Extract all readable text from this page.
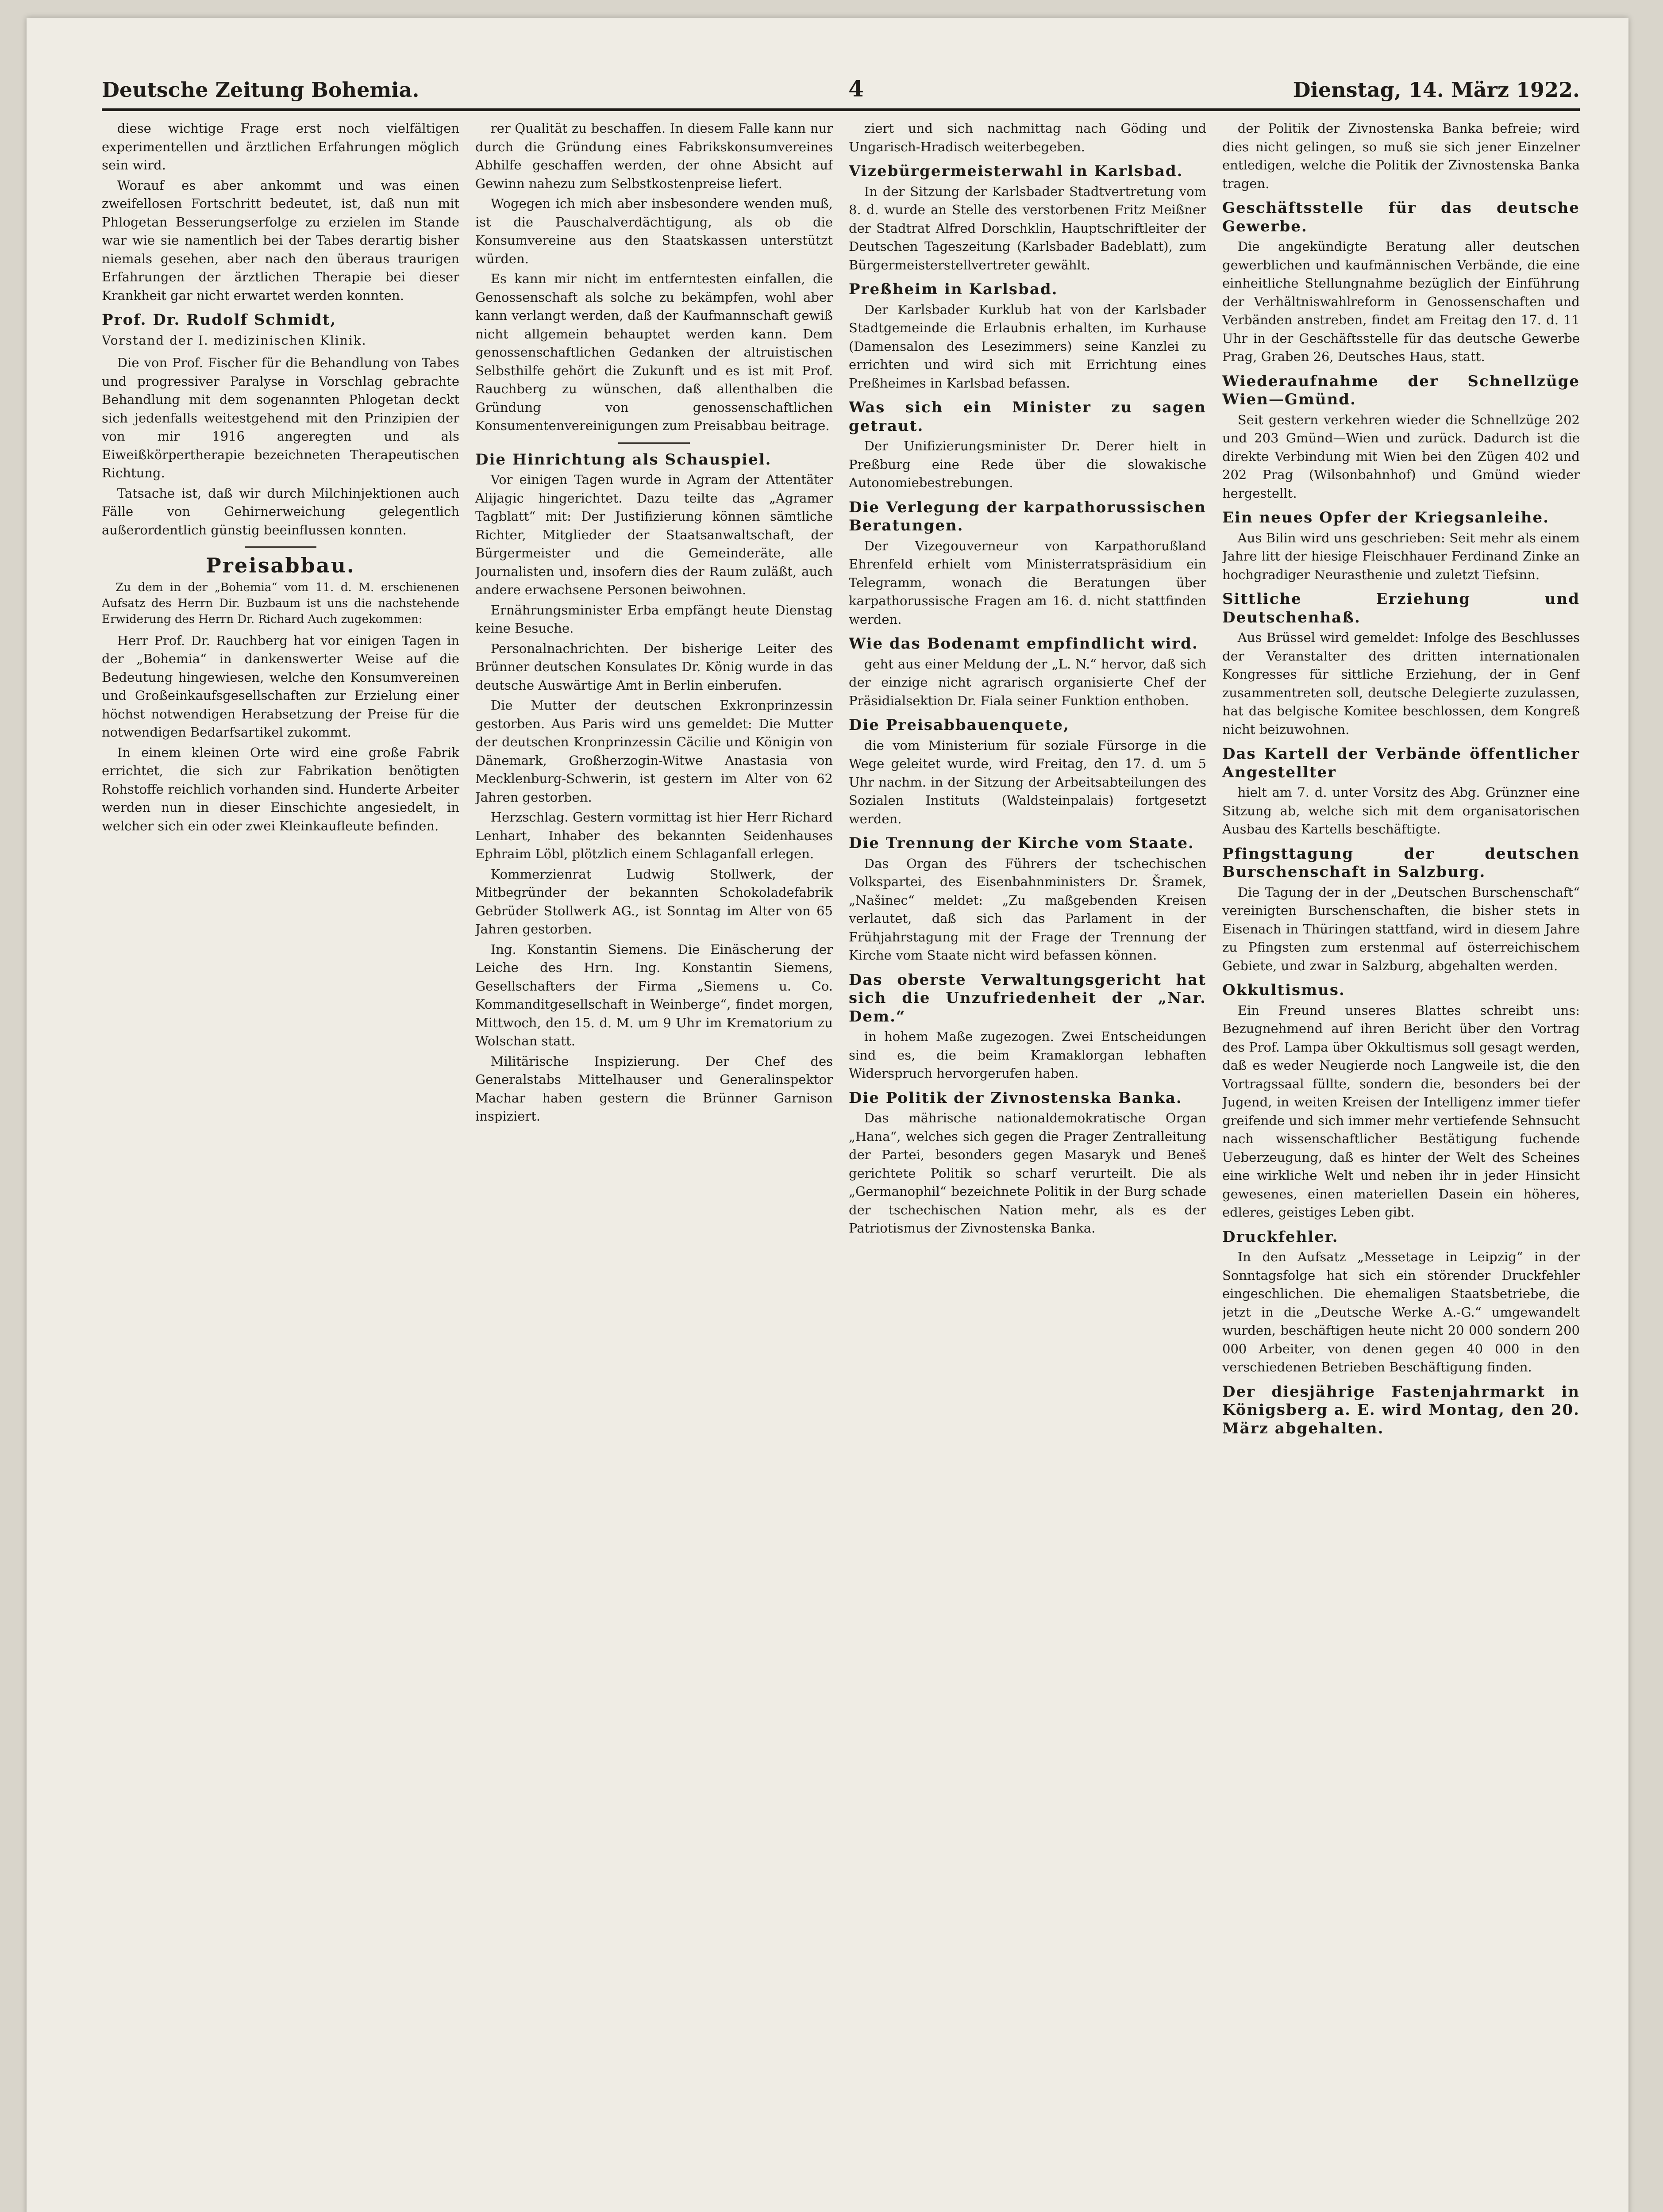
Deutsche Zeitung Bohemia.	4	Dienstag, 14. März 1922.

diese wichtige Frage erst noch vielfältigen experimentellen und ärztlichen Erfahrungen möglich sein wird.

Worauf es aber ankommt und was einen zweifellosen Fortschritt bedeutet, ist, daß nun mit Phlogetan Besserungserfolge zu erzielen im Stande war wie sie namentlich bei der Tabes derartig bisher niemals gesehen, aber nach den überaus traurigen Erfahrungen der ärztlichen Therapie bei dieser Krankheit gar nicht erwartet werden konnten.

Prof. Dr. Rudolf Schmidt,

Vorstand der I. medizinischen Klinik.

Die von Prof. Fischer für die Behandlung von Tabes und progressiver Paralyse in Vorschlag gebrachte Behandlung mit dem sogenannten Phlogetan deckt sich jedenfalls weitestgehend mit den Prinzipien der von mir 1916 angeregten und als Eiweißkörpertherapie bezeichneten Therapeutischen Richtung.

Tatsache ist, daß wir durch Milchinjektionen auch Fälle von Gehirnerweichung gelegentlich außerordentlich günstig beeinflussen konnten.

Preisabbau.

Zu dem in der „Bohemia“ vom 11. d. M. erschienenen Aufsatz des Herrn Dir. Buzbaum ist uns die nachstehende Erwiderung des Herrn Dr. Richard Auch zugekommen:

Herr Prof. Dr. Rauchberg hat vor einigen Tagen in der „Bohemia“ in dankenswerter Weise auf die Bedeutung hingewiesen, welche den Konsumvereinen und Großeinkaufsgesellschaften zur Erzielung einer höchst notwendigen Herabsetzung der Preise für die notwendigen Bedarfsartikel zukommt.

In einem kleinen Orte wird eine große Fabrik errichtet, die sich zur Fabrikation benötigten Rohstoffe reichlich vorhanden sind. Hunderte Arbeiter werden nun in dieser Einschichte angesiedelt, in welcher sich ein oder zwei Kleinkaufleute befinden.

rer Qualität zu beschaffen. In diesem Falle kann nur durch die Gründung eines Fabrikskonsumvereines Abhilfe geschaffen werden, der ohne Absicht auf Gewinn nahezu zum Selbstkostenpreise liefert.

Wogegen ich mich aber insbesondere wenden muß, ist die Pauschalverdächtigung, als ob die Konsumvereine aus den Staatskassen unterstützt würden.

Es kann mir nicht im entferntesten einfallen, die Genossenschaft als solche zu bekämpfen, wohl aber kann verlangt werden, daß der Kaufmannschaft gewiß nicht allgemein behauptet werden kann. Dem genossenschaftlichen Gedanken der altruistischen Selbsthilfe gehört die Zukunft und es ist mit Prof. Rauchberg zu wünschen, daß allenthalben die Gründung von genossenschaftlichen Konsumentenvereinigungen zum Preisabbau beitrage.

Die Hinrichtung als Schauspiel.

Vor einigen Tagen wurde in Agram der Attentäter Alijagic hingerichtet. Dazu teilte das „Agramer Tagblatt“ mit: Der Justifizierung können sämtliche Richter, Mitglieder der Staatsanwaltschaft, der Bürgermeister und die Gemeinderäte, alle Journalisten und, insofern dies der Raum zuläßt, auch andere erwachsene Personen beiwohnen.

Ernährungsminister Erba empfängt heute Dienstag keine Besuche.

Personalnachrichten. Der bisherige Leiter des Brünner deutschen Konsulates Dr. König wurde in das deutsche Auswärtige Amt in Berlin einberufen.

Die Mutter der deutschen Exkronprinzessin gestorben. Aus Paris wird uns gemeldet: Die Mutter der deutschen Kronprinzessin Cäcilie und Königin von Dänemark, Großherzogin-Witwe Anastasia von Mecklenburg-Schwerin, ist gestern im Alter von 62 Jahren gestorben.

Herzschlag. Gestern vormittag ist hier Herr Richard Lenhart, Inhaber des bekannten Seidenhauses Ephraim Löbl, plötzlich einem Schlaganfall erlegen.

Kommerzienrat Ludwig Stollwerk, der Mitbegründer der bekannten Schokoladefabrik Gebrüder Stollwerk AG., ist Sonntag im Alter von 65 Jahren gestorben.

Ing. Konstantin Siemens. Die Einäscherung der Leiche des Hrn. Ing. Konstantin Siemens, Gesellschafters der Firma „Siemens u. Co. Kommanditgesellschaft in Weinberge“, findet morgen, Mittwoch, den 15. d. M. um 9 Uhr im Krematorium zu Wolschan statt.

Militärische Inspizierung. Der Chef des Generalstabs Mittelhauser und Generalinspektor Machar haben gestern die Brünner Garnison inspiziert.

ziert und sich nachmittag nach Göding und Ungarisch-Hradisch weiterbegeben.

Vizebürgermeisterwahl in Karlsbad.

In der Sitzung der Karlsbader Stadtvertretung vom 8. d. wurde an Stelle des verstorbenen Fritz Meißner der Stadtrat Alfred Dorschklin, Hauptschriftleiter der Deutschen Tageszeitung (Karlsbader Badeblatt), zum Bürgermeisterstellvertreter gewählt.

Preßheim in Karlsbad.

Der Karlsbader Kurklub hat von der Karlsbader Stadtgemeinde die Erlaubnis erhalten, im Kurhause (Damensalon des Lesezimmers) seine Kanzlei zu errichten und wird sich mit Errichtung eines Preßheimes in Karlsbad befassen.

Was sich ein Minister zu sagen getraut.

Der Unifizierungsminister Dr. Derer hielt in Preßburg eine Rede über die slowakische Autonomiebestrebungen.

Die Verlegung der karpathorussischen Beratungen.

Der Vizegouverneur von Karpathorußland Ehrenfeld erhielt vom Ministerratspräsidium ein Telegramm, wonach die Beratungen über karpathorussische Fragen am 16. d. nicht stattfinden werden.

Wie das Bodenamt empfindlicht wird.

geht aus einer Meldung der „L. N.“ hervor, daß sich der einzige nicht agrarisch organisierte Chef der Präsidialsektion Dr. Fiala seiner Funktion enthoben.

Die Preisabbauenquete,

die vom Ministerium für soziale Fürsorge in die Wege geleitet wurde, wird Freitag, den 17. d. um 5 Uhr nachm. in der Sitzung der Arbeitsabteilungen des Sozialen Instituts (Waldsteinpalais) fortgesetzt werden.

Die Trennung der Kirche vom Staate.

Das Organ des Führers der tschechischen Volkspartei, des Eisenbahnministers Dr. Šramek, „Našinec“ meldet: „Zu maßgebenden Kreisen verlautet, daß sich das Parlament in der Frühjahrstagung mit der Frage der Trennung der Kirche vom Staate nicht wird befassen können.

Das oberste Verwaltungsgericht hat sich die Unzufriedenheit der „Nar. Dem.“

in hohem Maße zugezogen. Zwei Entscheidungen sind es, die beim Kramaklorgan lebhaften Widerspruch hervorgerufen haben.

Die Politik der Zivnostenska Banka.

Das mährische nationaldemokratische Organ „Hana“, welches sich gegen die Prager Zentralleitung der Partei, besonders gegen Masaryk und Beneš gerichtete Politik so scharf verurteilt. Die als „Germanophil“ bezeichnete Politik in der Burg schade der tschechischen Nation mehr, als es der Patriotismus der Zivnostenska Banka.

der Politik der Zivnostenska Banka befreie; wird dies nicht gelingen, so muß sie sich jener Einzelner entledigen, welche die Politik der Zivnostenska Banka tragen.

Geschäftsstelle für das deutsche Gewerbe.

Die angekündigte Beratung aller deutschen gewerblichen und kaufmännischen Verbände, die eine einheitliche Stellungnahme bezüglich der Einführung der Verhältniswahlreform in Genossenschaften und Verbänden anstreben, findet am Freitag den 17. d. 11 Uhr in der Geschäftsstelle für das deutsche Gewerbe Prag, Graben 26, Deutsches Haus, statt.

Wiederaufnahme der Schnellzüge Wien—Gmünd.

Seit gestern verkehren wieder die Schnellzüge 202 und 203 Gmünd—Wien und zurück. Dadurch ist die direkte Verbindung mit Wien bei den Zügen 402 und 202 Prag (Wilsonbahnhof) und Gmünd wieder hergestellt.

Ein neues Opfer der Kriegsanleihe.

Aus Bilin wird uns geschrieben: Seit mehr als einem Jahre litt der hiesige Fleischhauer Ferdinand Zinke an hochgradiger Neurasthenie und zuletzt Tiefsinn.

Sittliche Erziehung und Deutschenhaß.

Aus Brüssel wird gemeldet: Infolge des Beschlusses der Veranstalter des dritten internationalen Kongresses für sittliche Erziehung, der in Genf zusammentreten soll, deutsche Delegierte zuzulassen, hat das belgische Komitee beschlossen, dem Kongreß nicht beizuwohnen.

Das Kartell der Verbände öffentlicher Angestellter

hielt am 7. d. unter Vorsitz des Abg. Grünzner eine Sitzung ab, welche sich mit dem organisatorischen Ausbau des Kartells beschäftigte.

Pfingsttagung der deutschen Burschenschaft in Salzburg.

Die Tagung der in der „Deutschen Burschenschaft“ vereinigten Burschenschaften, die bisher stets in Eisenach in Thüringen stattfand, wird in diesem Jahre zu Pfingsten zum erstenmal auf österreichischem Gebiete, und zwar in Salzburg, abgehalten werden.

Okkultismus.

Ein Freund unseres Blattes schreibt uns: Bezugnehmend auf ihren Bericht über den Vortrag des Prof. Lampa über Okkultismus soll gesagt werden, daß es weder Neugierde noch Langweile ist, die den Vortragssaal füllte, sondern die, besonders bei der Jugend, in weiten Kreisen der Intelligenz immer tiefer greifende und sich immer mehr vertiefende Sehnsucht nach wissenschaftlicher Bestätigung fuchende Ueberzeugung, daß es hinter der Welt des Scheines eine wirkliche Welt und neben ihr in jeder Hinsicht gewesenes, einen materiellen Dasein ein höheres, edleres, geistiges Leben gibt.

Druckfehler.

In den Aufsatz „Messetage in Leipzig“ in der Sonntagsfolge hat sich ein störender Druckfehler eingeschlichen. Die ehemaligen Staatsbetriebe, die jetzt in die „Deutsche Werke A.-G.“ umgewandelt wurden, beschäftigen heute nicht 20 000 sondern 200 000 Arbeiter, von denen gegen 40 000 in den verschiedenen Betrieben Beschäftigung finden.

Der diesjährige Fastenjahrmarkt in Königsberg a. E. wird Montag, den 20. März abgehalten.
